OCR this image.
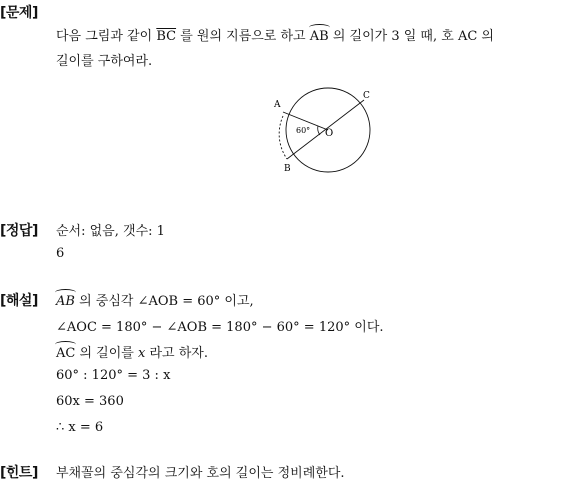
[문제]
다음 그림과 같이 $\overline{BC}$ 를 원의 지름으로 하고 AB 의 길이가 3 일 때, 호 AC 의
길이를 구하여라.
A
B
C
O
60°
[정답] 순서: 없음, 갯수: 1
6
[해설] AB 의 중심각 ∠AOB = 60° 이고,
∠AOC = 180° − ∠AOB = 180° − 60° = 120° 이다.
AC 의 길이를 x 라고 하자.
60° : 120° = 3 : x
60x = 360
∴ x = 6
[힌트] 부채꼴의 중심각의 크기와 호의 길이는 정비례한다.
